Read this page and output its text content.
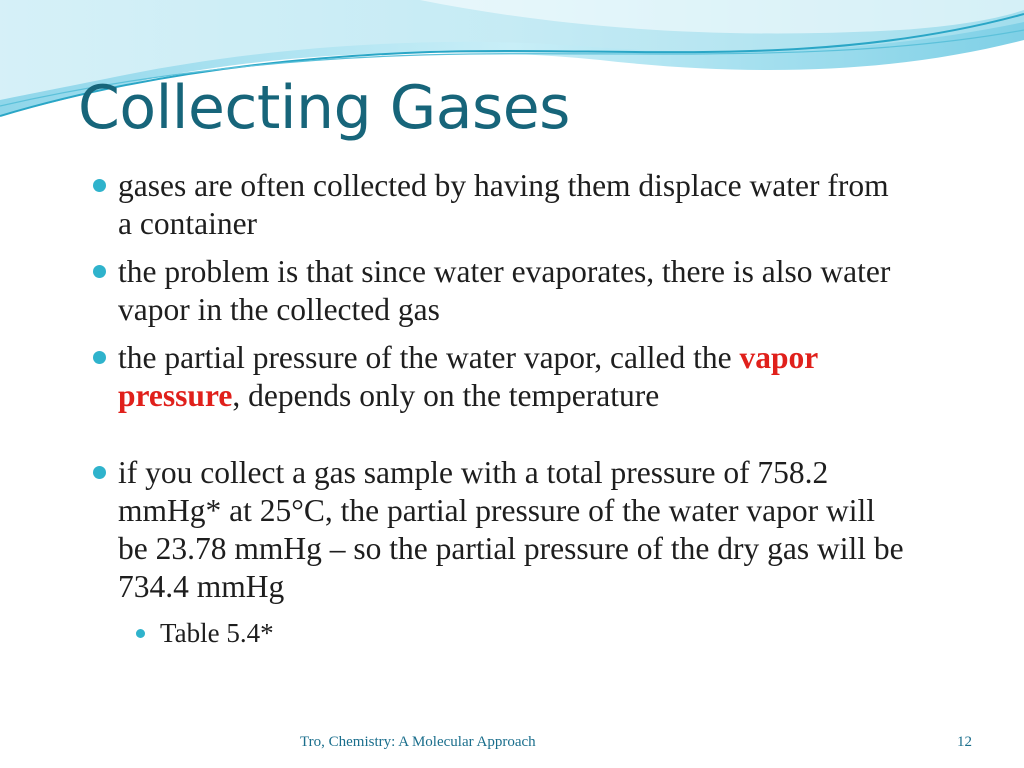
Collecting Gases
gases are often collected by having them displace water from a container
the problem is that since water evaporates, there is also water vapor in the collected gas
the partial pressure of the water vapor, called the vapor pressure, depends only on the temperature
if you collect a gas sample with a total pressure of 758.2 mmHg* at 25°C, the partial pressure of the water vapor will be 23.78 mmHg – so the partial pressure of the dry gas will be 734.4 mmHg
Table 5.4*
Tro, Chemistry: A Molecular Approach	12
